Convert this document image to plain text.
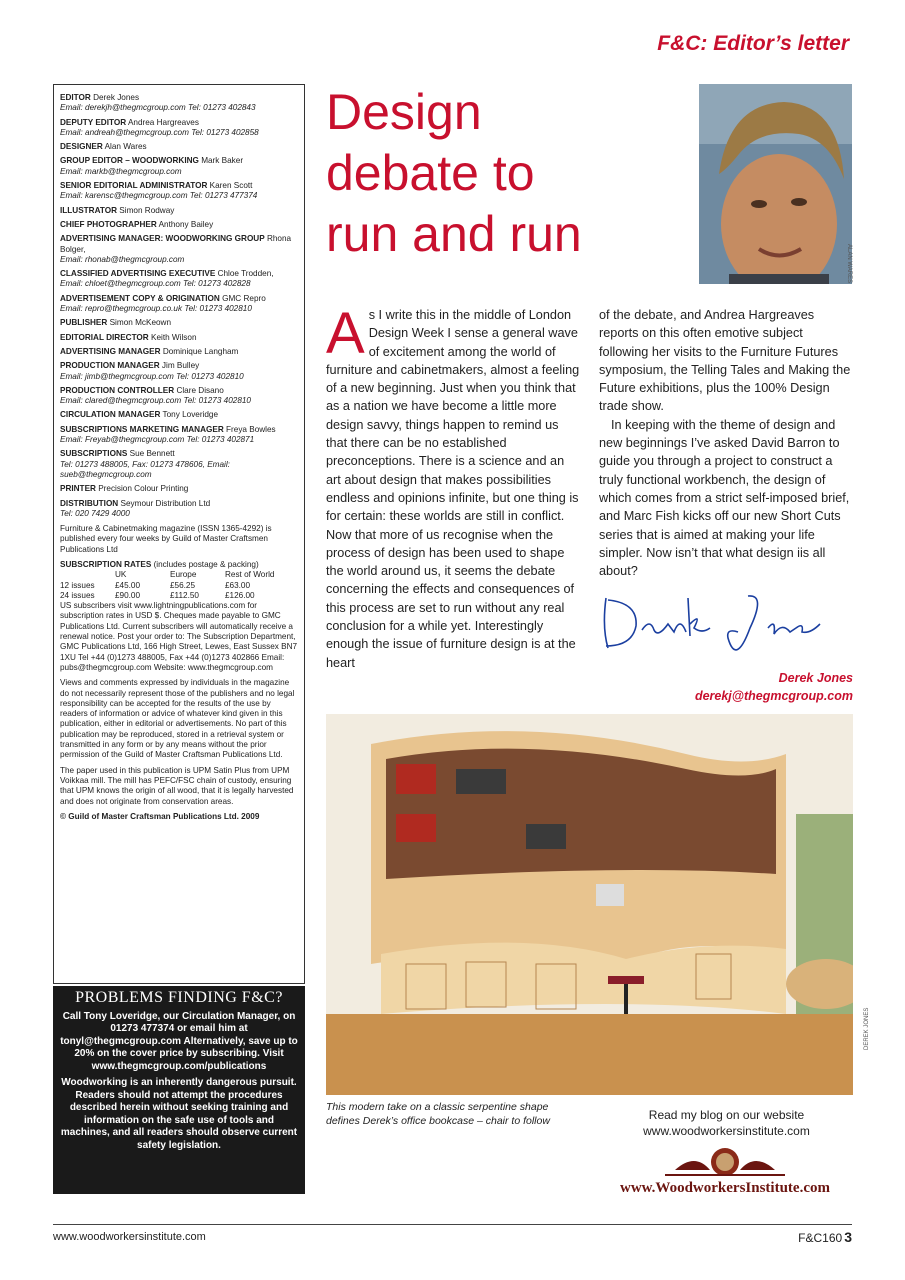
F&C: Editor’s letter
EDITOR Derek Jones
Email: derekjh@thegmcgroup.com Tel: 01273 402843
DEPUTY EDITOR Andrea Hargreaves
Email: andreah@thegmcgroup.com Tel: 01273 402858
DESIGNER Alan Wares
GROUP EDITOR – WOODWORKING Mark Baker
Email: markb@thegmcgroup.com
SENIOR EDITORIAL ADMINISTRATOR Karen Scott
Email: karensc@thegmcgroup.com Tel: 01273 477374
ILLUSTRATOR Simon Rodway
CHIEF PHOTOGRAPHER Anthony Bailey
ADVERTISING MANAGER: WOODWORKING GROUP Rhona Bolger,
Email: rhonab@thegmcgroup.com
CLASSIFIED ADVERTISING EXECUTIVE Chloe Trodden,
Email: chloet@thegmcgroup.com Tel: 01273 402828
ADVERTISEMENT COPY & ORIGINATION GMC Repro
Email: repro@thegmcgroup.co.uk Tel: 01273 402810
PUBLISHER Simon McKeown
EDITORIAL DIRECTOR Keith Wilson
ADVERTISING MANAGER Dominique Langham
PRODUCTION MANAGER Jim Bulley
Email: jimb@thegmcgroup.com Tel: 01273 402810
PRODUCTION CONTROLLER Clare Disano
Email: clared@thegmcgroup.com Tel: 01273 402810
CIRCULATION MANAGER Tony Loveridge
SUBSCRIPTIONS MARKETING MANAGER Freya Bowles
Email: Freyab@thegmcgroup.com Tel: 01273 402871
SUBSCRIPTIONS Sue Bennett
Tel: 01273 488005, Fax: 01273 478606, Email: sueb@thegmcgroup.com
PRINTER Precision Colour Printing
DISTRIBUTION Seymour Distribution Ltd
Tel: 020 7429 4000
Furniture & Cabinetmaking magazine (ISSN 1365-4292) is published every four weeks by Guild of Master Craftsmen Publications Ltd
SUBSCRIPTION RATES (includes postage & packing)
	UK	Europe	Rest of World
12 issues	£45.00	£56.25	£63.00
24 issues	£90.00	£112.50	£126.00
US subscribers visit www.lightningpublications.com for subscription rates in USD $. Cheques made payable to GMC Publications Ltd. Current subscribers will automatically receive a renewal notice. Post your order to: The Subscription Department, GMC Publications Ltd, 166 High Street, Lewes, East Sussex BN7 1XU Tel +44 (0)1273 488005, Fax +44 (0)1273 402866 Email: pubs@thegmcgroup.com Website: www.thegmcgroup.com
Views and comments expressed by individuals in the magazine do not necessarily represent those of the publishers and no legal responsibility can be accepted for the results of the use by readers of information or advice of whatever kind given in this publication, either in editorial or advertisements. No part of this publication may be reproduced, stored in a retrieval system or transmitted in any form or by any means without the prior permission of the Guild of Master Craftsman Publications Ltd.
The paper used in this publication is UPM Satin Plus from UPM Voikkaa mill. The mill has PEFC/FSC chain of custody, ensuring that UPM knows the origin of all wood, that it is legally harvested and does not originate from conservation areas.
© Guild of Master Craftsman Publications Ltd. 2009
PROBLEMS FINDING F&C?

Call Tony Loveridge, our Circulation Manager, on 01273 477374 or email him at tonyl@thegmcgroup.com Alternatively, save up to 20% on the cover price by subscribing. Visit www.thegmcgroup.com/publications

Woodworking is an inherently dangerous pursuit. Readers should not attempt the procedures described herein without seeking training and information on the safe use of tools and machines, and all readers should observe current safety legislation.

Design
debate to
run and run
ALAN WARES

As I write this in the middle of London Design Week I sense a general wave of excitement among the world of furniture and cabinetmakers, almost a feeling of a new beginning. Just when you think that as a nation we have become a little more design savvy, things happen to remind us that there can be no established preconceptions. There is a science and an art about design that makes possibilities endless and opinions infinite, but one thing is for certain: these worlds are still in conflict. Now that more of us recognise when the process of design has been used to shape the world around us, it seems the debate concerning the effects and consequences of this process are set to run without any real conclusion for a while yet. Interestingly enough the issue of furniture design is at the heart

of the debate, and Andrea Hargreaves reports on this often emotive subject following her visits to the Furniture Futures symposium, the Telling Tales and Making the Future exhibitions, plus the 100% Design trade show.

In keeping with the theme of design and new beginnings I’ve asked David Barron to guide you through a project to construct a truly functional workbench, the design of which comes from a strict self-imposed brief, and Marc Fish kicks off our new Short Cuts series that is aimed at making your life simpler. Now isn’t that what design iis all about?

Derek Jones
derekj@thegmcgroup.com
DEREK JONES
This modern take on a classic serpentine shape defines Derek’s office bookcase – chair to follow	Read my blog on our website
www.woodworkersinstitute.com
www.WoodworkersInstitute.com
www.woodworkersinstitute.com	F&C160 3
